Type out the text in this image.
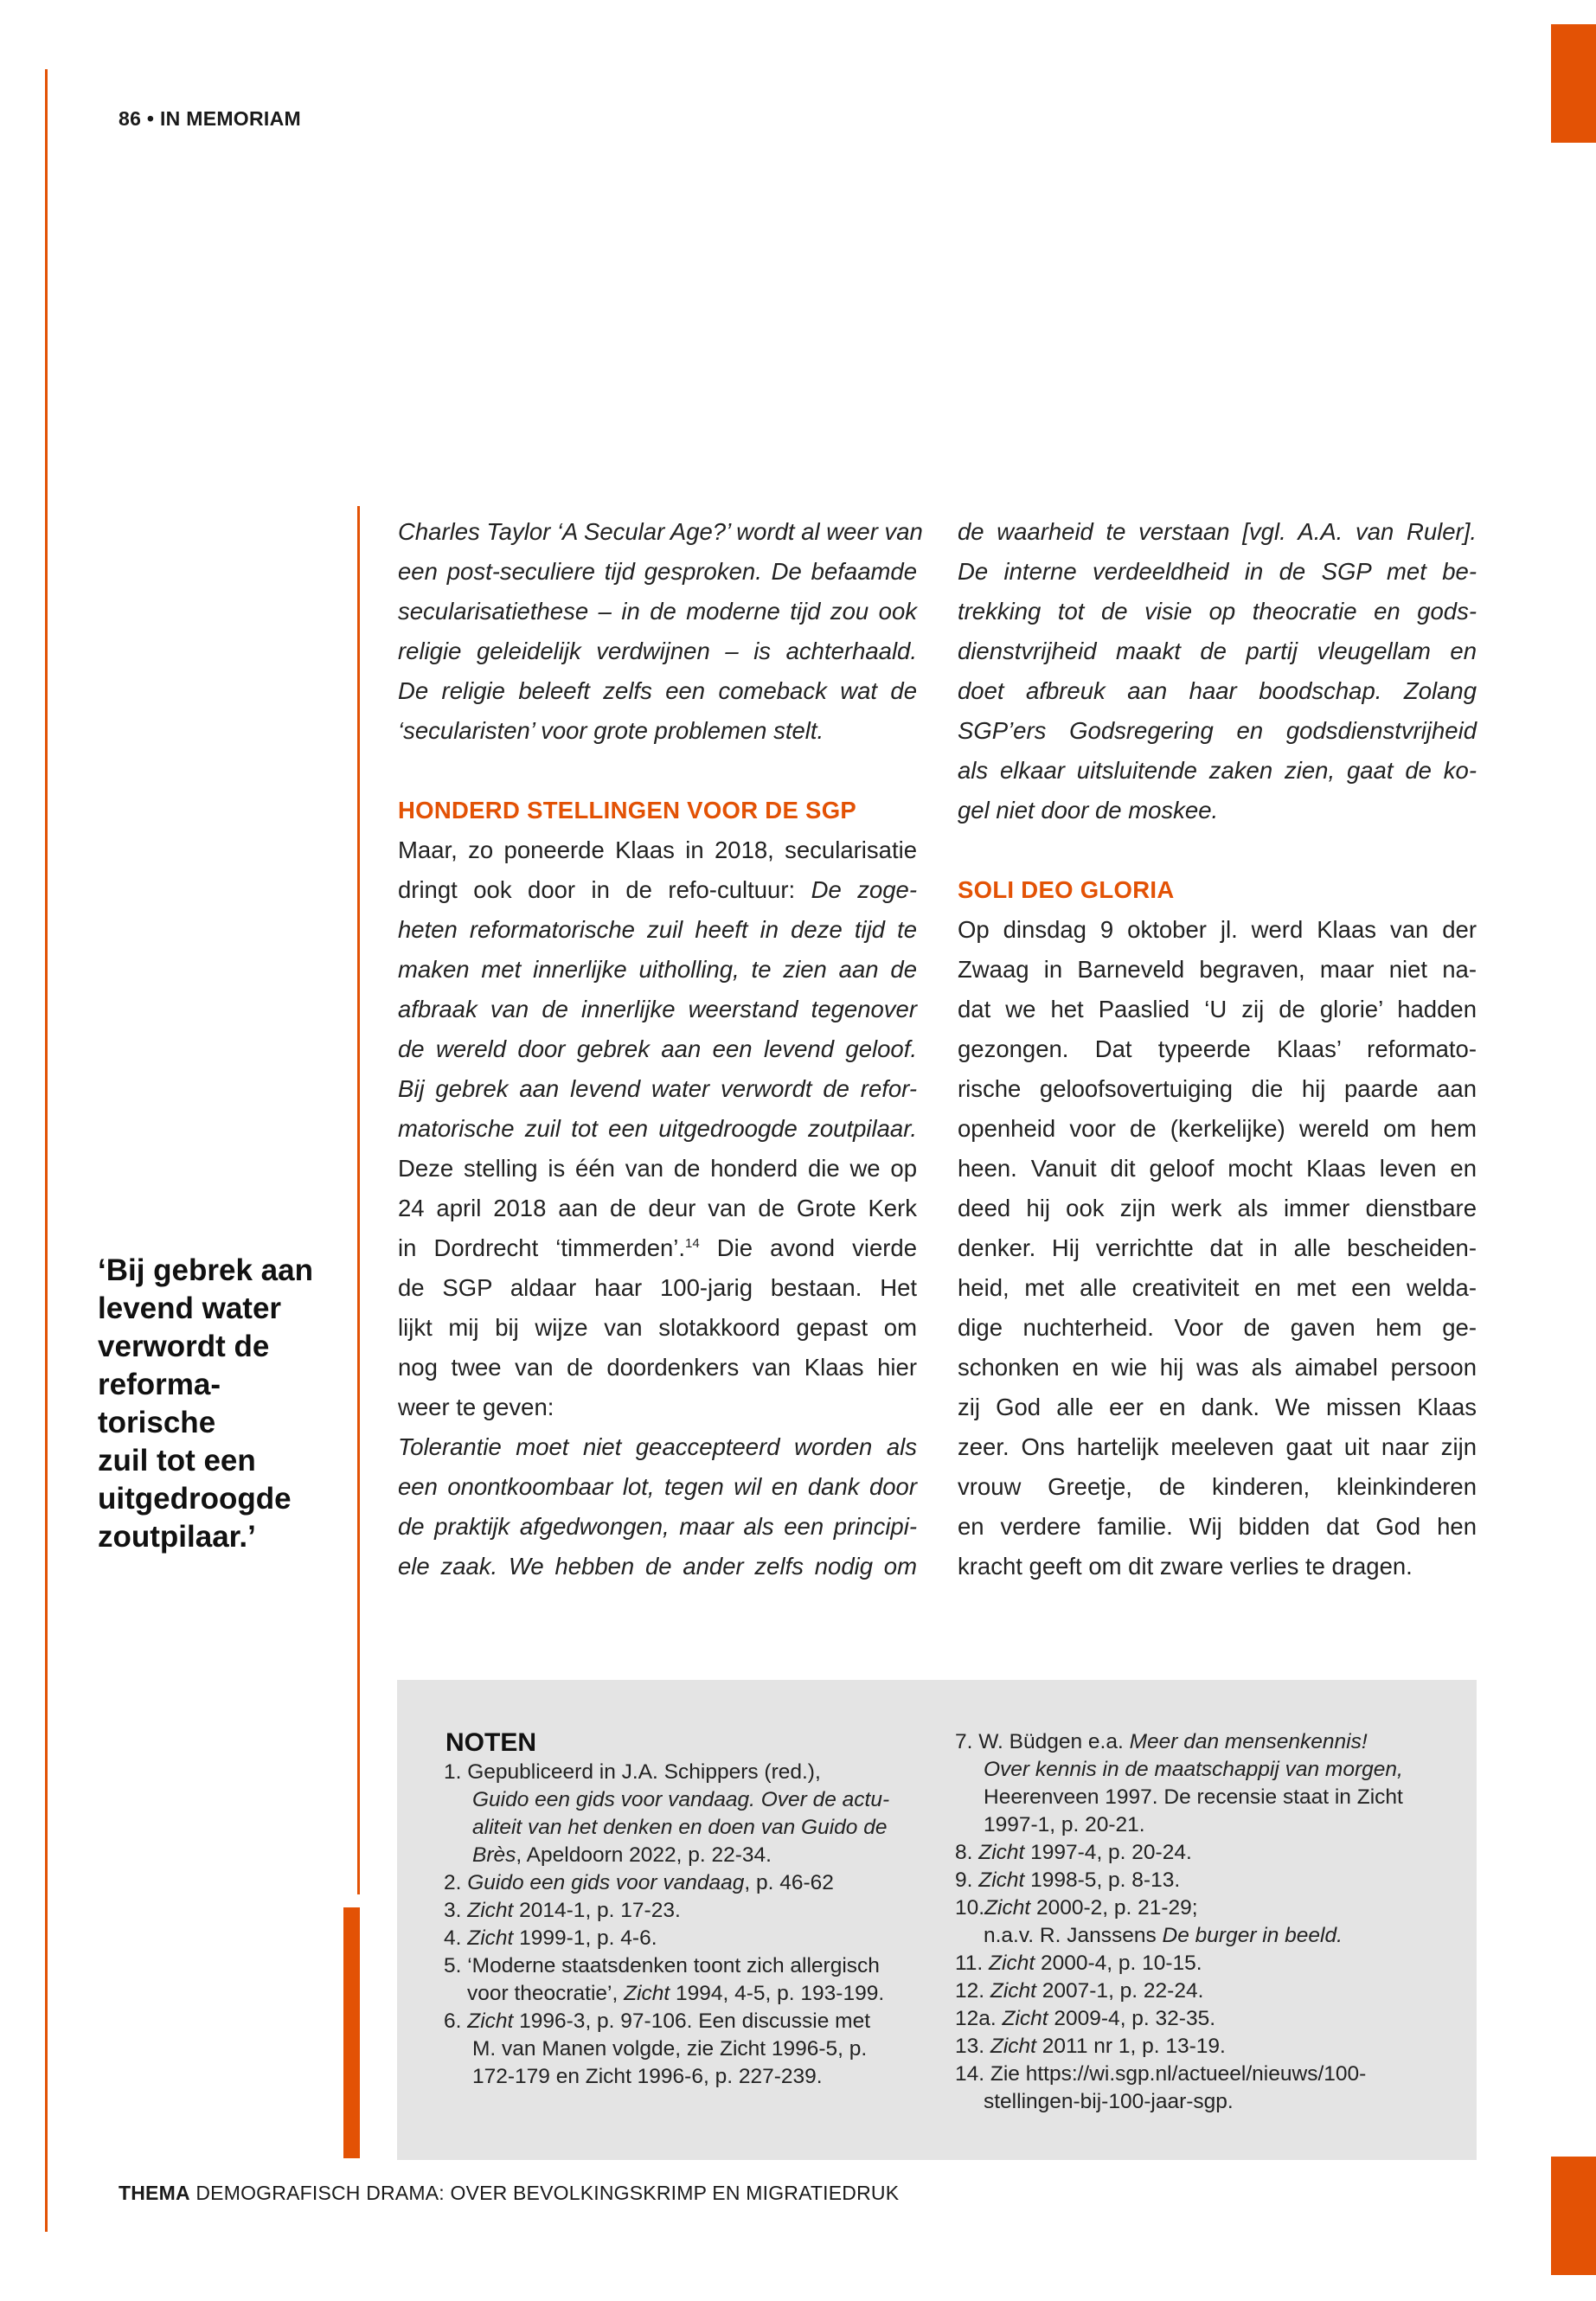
86 • IN MEMORIAM
‘Bij gebrek aan
levend water
verwordt de
reforma-
torische
zuil tot een
uitgedroogde
zoutpilaar.’

Charles Taylor ‘A Secular Age?’ wordt al weer van

een post-seculiere tijd gesproken. De befaamde

secularisatiethese – in de moderne tijd zou ook

religie geleidelijk verdwijnen – is achterhaald.

De religie beleeft zelfs een comeback wat de

‘secularisten’ voor grote problemen stelt.

HONDERD STELLINGEN VOOR DE SGP

Maar, zo poneerde Klaas in 2018, secularisatie

dringt ook door in de refo-cultuur: De zoge-

heten reformatorische zuil heeft in deze tijd te

maken met innerlijke uitholling, te zien aan de

afbraak van de innerlijke weerstand tegenover

de wereld door gebrek aan een levend geloof.

Bij gebrek aan levend water verwordt de refor-

matorische zuil tot een uitgedroogde zoutpilaar.

Deze stelling is één van de honderd die we op

24 april 2018 aan de deur van de Grote Kerk

in Dordrecht ‘timmerden’.$^{14}$ Die avond vierde

de SGP aldaar haar 100-jarig bestaan. Het

lijkt mij bij wijze van slotakkoord gepast om

nog twee van de doordenkers van Klaas hier

weer te geven:

Tolerantie moet niet geaccepteerd worden als

een onontkoombaar lot, tegen wil en dank door

de praktijk afgedwongen, maar als een principi-

ele zaak. We hebben de ander zelfs nodig om

de waarheid te verstaan [vgl. A.A. van Ruler].

De interne verdeeldheid in de SGP met be-

trekking tot de visie op theocratie en gods-

dienstvrijheid maakt de partij vleugellam en

doet afbreuk aan haar boodschap. Zolang

SGP’ers Godsregering en godsdienstvrijheid

als elkaar uitsluitende zaken zien, gaat de ko-

gel niet door de moskee.

SOLI DEO GLORIA

Op dinsdag 9 oktober jl. werd Klaas van der

Zwaag in Barneveld begraven, maar niet na-

dat we het Paaslied ‘U zij de glorie’ hadden

gezongen. Dat typeerde Klaas’ reformato-

rische geloofsovertuiging die hij paarde aan

openheid voor de (kerkelijke) wereld om hem

heen. Vanuit dit geloof mocht Klaas leven en

deed hij ook zijn werk als immer dienstbare

denker. Hij verrichtte dat in alle bescheiden-

heid, met alle creativiteit en met een welda-

dige nuchterheid. Voor de gaven hem ge-

schonken en wie hij was als aimabel persoon

zij God alle eer en dank. We missen Klaas

zeer. Ons hartelijk meeleven gaat uit naar zijn

vrouw Greetje, de kinderen, kleinkinderen

en verdere familie. Wij bidden dat God hen

kracht geeft om dit zware verlies te dragen.

NOTEN
1. Gepubliceerd in J.A. Schippers (red.),
Guido een gids voor vandaag. Over de actu-
aliteit van het denken en doen van Guido de
Brès, Apeldoorn 2022, p. 22-34.
2. Guido een gids voor vandaag, p. 46-62
3. Zicht 2014-1, p. 17-23.
4. Zicht 1999-1, p. 4-6.
5. ‘Moderne staatsdenken toont zich allergisch
voor theocratie’, Zicht 1994, 4-5, p. 193-199.
6. Zicht 1996-3, p. 97-106. Een discussie met
M. van Manen volgde, zie Zicht 1996-5, p.
172-179 en Zicht 1996-6, p. 227-239.
7. W. Büdgen e.a. Meer dan mensenkennis!
Over kennis in de maatschappij van morgen,
Heerenveen 1997. De recensie staat in Zicht
1997-1, p. 20-21.
8. Zicht 1997-4, p. 20-24.
9. Zicht 1998-5, p. 8-13.
10.Zicht 2000-2, p. 21-29;
n.a.v. R. Janssens De burger in beeld.
11. Zicht 2000-4, p. 10-15.
12. Zicht 2007-1, p. 22-24.
12a. Zicht 2009-4, p. 32-35.
13. Zicht 2011 nr 1, p. 13-19.
14. Zie https://wi.sgp.nl/actueel/nieuws/100-
stellingen-bij-100-jaar-sgp.
THEMA DEMOGRAFISCH DRAMA: OVER BEVOLKINGSKRIMP EN MIGRATIEDRUK
